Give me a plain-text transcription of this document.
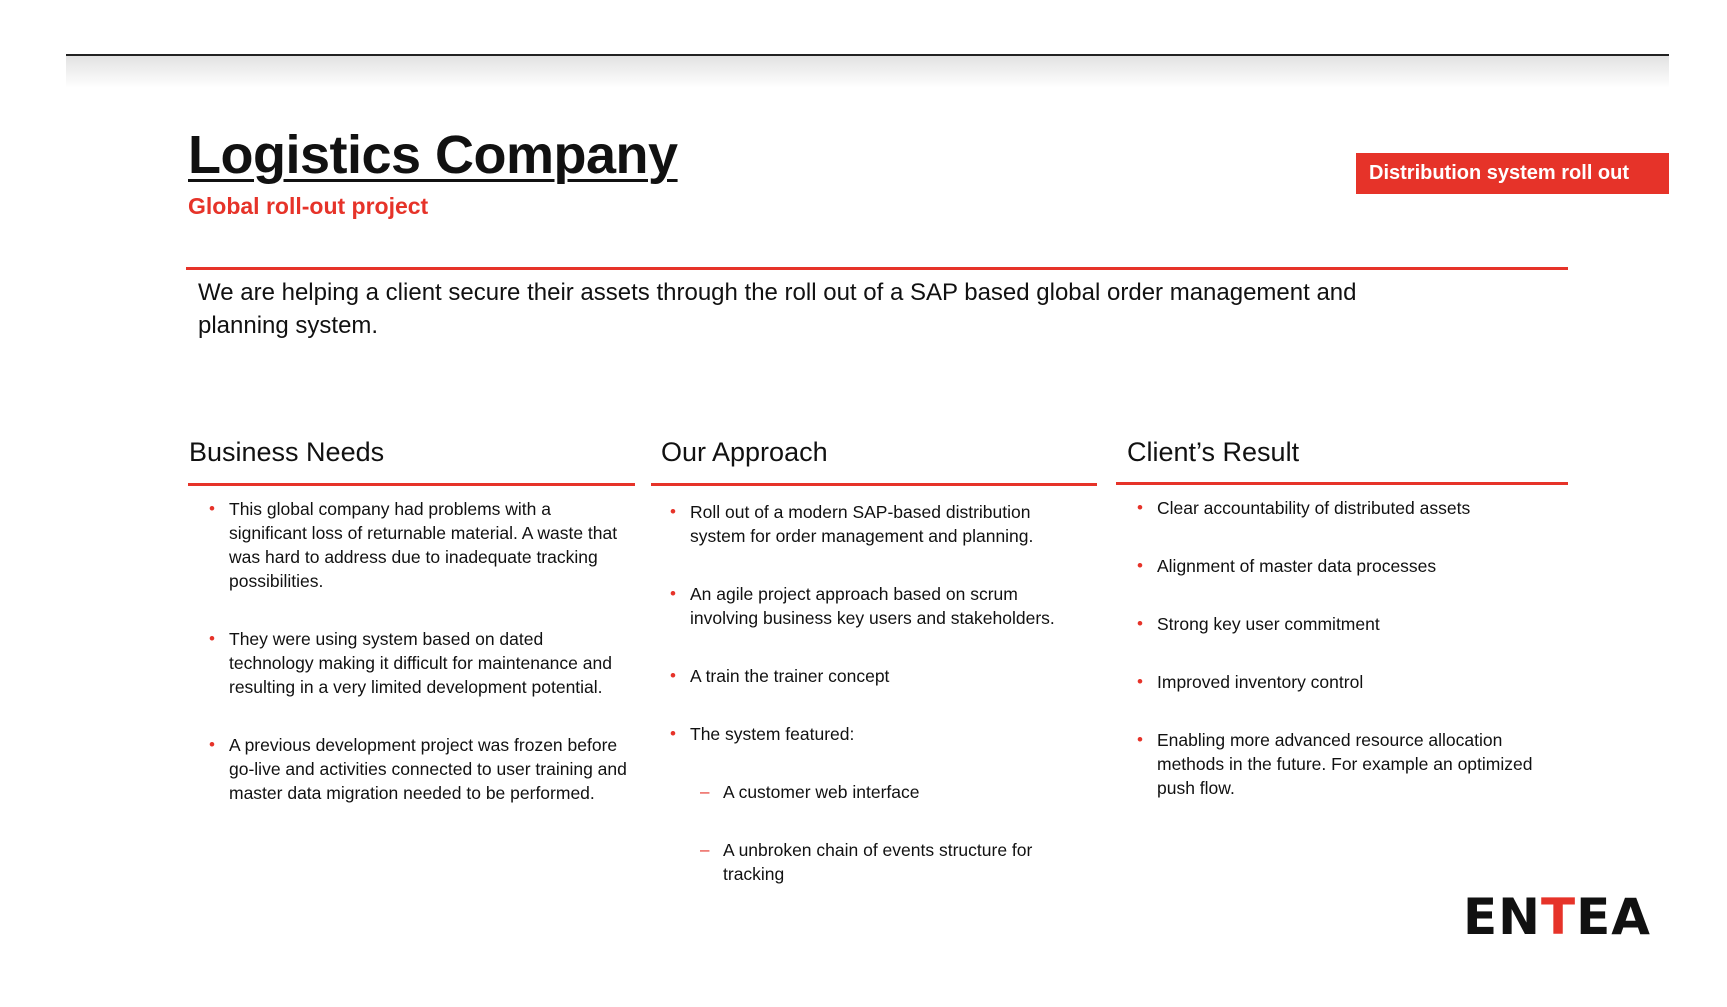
Logistics Company
Global roll-out project
Distribution system roll out
We are helping a client secure their assets through the roll out of a SAP based global order management and planning system.
Business Needs
• This global company had problems with a significant loss of returnable material. A waste that was hard to address due to inadequate tracking possibilities.
• They were using system based on dated technology making it difficult for maintenance and resulting in a very limited development potential.
• A previous development project was frozen before go-live and activities connected to user training and master data migration needed to be performed.
Our Approach
• Roll out of a modern SAP-based distribution system for order management and planning.
• An agile project approach based on scrum involving business key users and stakeholders.
• A train the trainer concept
• The system featured:
– A customer web interface
– A unbroken chain of events structure for tracking
Client’s Result
• Clear accountability of distributed assets
• Alignment of master data processes
• Strong key user commitment
• Improved inventory control
• Enabling more advanced resource allocation methods in the future. For example an optimized push flow.
ENTEA
